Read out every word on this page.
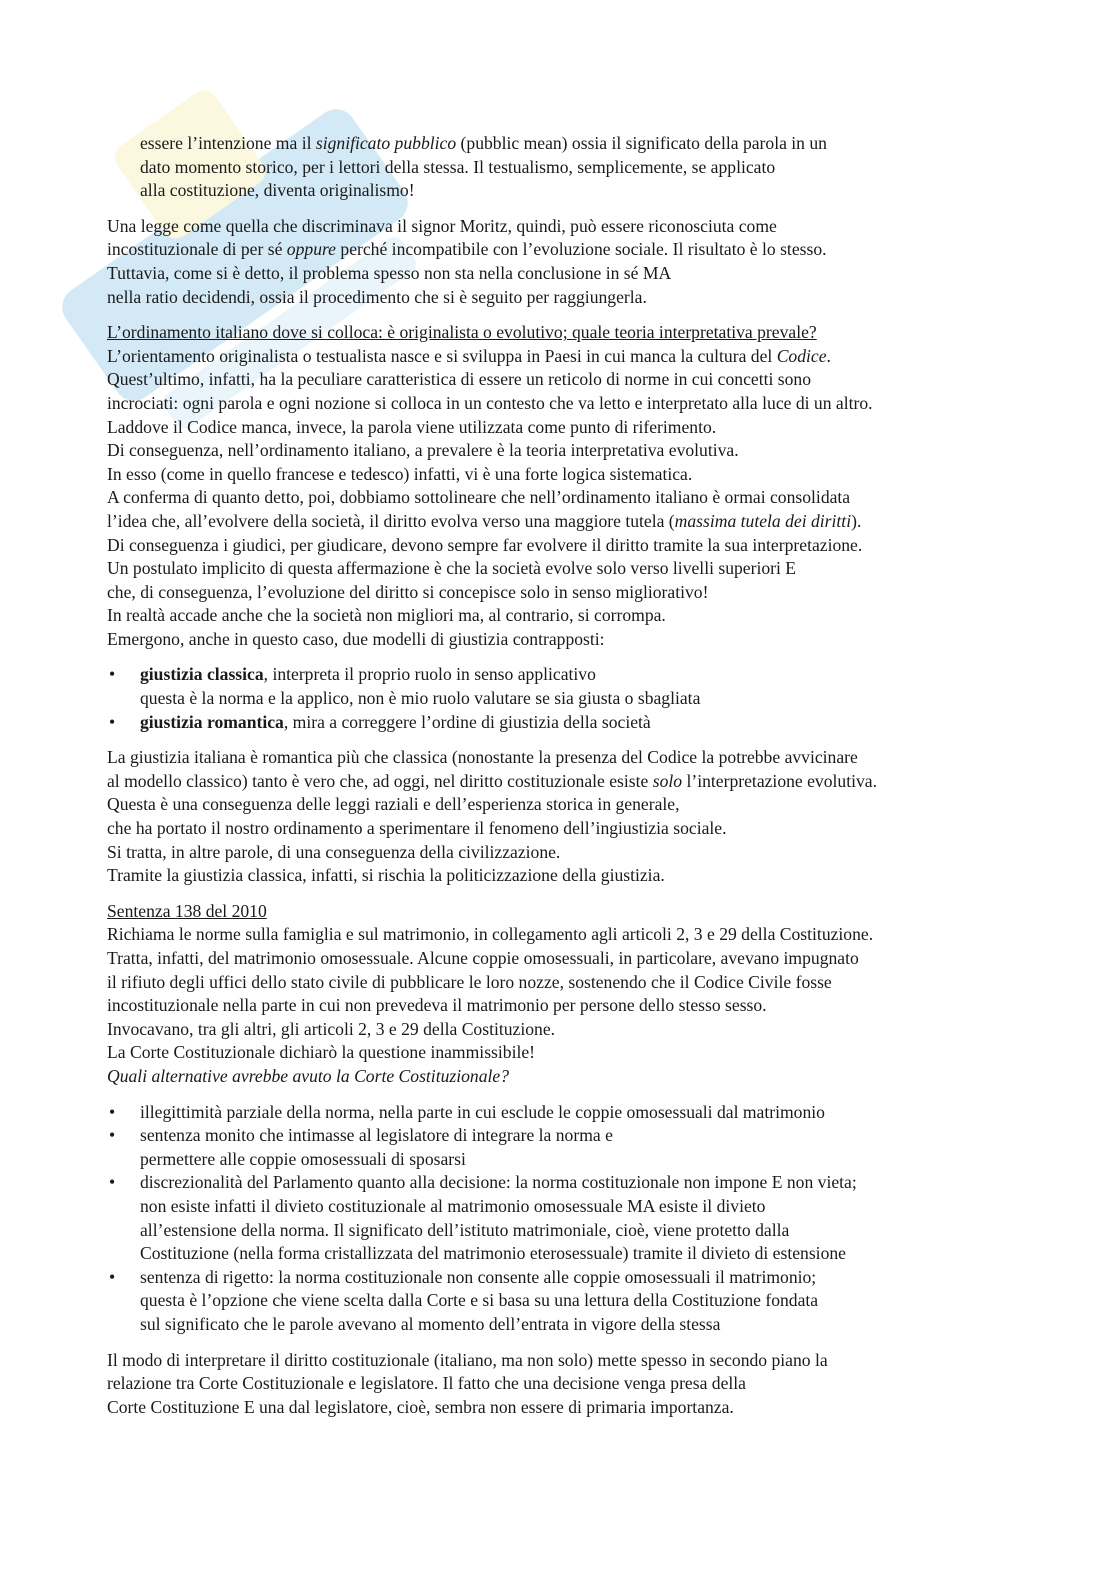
essere l’intenzione ma il significato pubblico (pubblic mean) ossia il significato della parola in un
dato momento storico, per i lettori della stessa. Il testualismo, semplicemente, se applicato
alla costituzione, diventa originalismo!

Una legge come quella che discriminava il signor Moritz, quindi, può essere riconosciuta come
incostituzionale di per sé oppure perché incompatibile con l’evoluzione sociale. Il risultato è lo stesso.
Tuttavia, come si è detto, il problema spesso non sta nella conclusione in sé MA
nella ratio decidendi, ossia il procedimento che si è seguito per raggiungerla.

L’ordinamento italiano dove si colloca: è originalista o evolutivo; quale teoria interpretativa prevale?
L’orientamento originalista o testualista nasce e si sviluppa in Paesi in cui manca la cultura del Codice.
Quest’ultimo, infatti, ha la peculiare caratteristica di essere un reticolo di norme in cui concetti sono
incrociati: ogni parola e ogni nozione si colloca in un contesto che va letto e interpretato alla luce di un altro.
Laddove il Codice manca, invece, la parola viene utilizzata come punto di riferimento.
Di conseguenza, nell’ordinamento italiano, a prevalere è la teoria interpretativa evolutiva.
In esso (come in quello francese e tedesco) infatti, vi è una forte logica sistematica.
A conferma di quanto detto, poi, dobbiamo sottolineare che nell’ordinamento italiano è ormai consolidata
l’idea che, all’evolvere della società, il diritto evolva verso una maggiore tutela (massima tutela dei diritti).
Di conseguenza i giudici, per giudicare, devono sempre far evolvere il diritto tramite la sua interpretazione.
Un postulato implicito di questa affermazione è che la società evolve solo verso livelli superiori E
che, di conseguenza, l’evoluzione del diritto si concepisce solo in senso migliorativo!
In realtà accade anche che la società non migliori ma, al contrario, si corrompa.
Emergono, anche in questo caso, due modelli di giustizia contrapposti:

• giustizia classica, interpreta il proprio ruolo in senso applicativo
questa è la norma e la applico, non è mio ruolo valutare se sia giusta o sbagliata
• giustizia romantica, mira a correggere l’ordine di giustizia della società

La giustizia italiana è romantica più che classica (nonostante la presenza del Codice la potrebbe avvicinare
al modello classico) tanto è vero che, ad oggi, nel diritto costituzionale esiste solo l’interpretazione evolutiva.
Questa è una conseguenza delle leggi raziali e dell’esperienza storica in generale,
che ha portato il nostro ordinamento a sperimentare il fenomeno dell’ingiustizia sociale.
Si tratta, in altre parole, di una conseguenza della civilizzazione.
Tramite la giustizia classica, infatti, si rischia la politicizzazione della giustizia.

Sentenza 138 del 2010
Richiama le norme sulla famiglia e sul matrimonio, in collegamento agli articoli 2, 3 e 29 della Costituzione.
Tratta, infatti, del matrimonio omosessuale. Alcune coppie omosessuali, in particolare, avevano impugnato
il rifiuto degli uffici dello stato civile di pubblicare le loro nozze, sostenendo che il Codice Civile fosse
incostituzionale nella parte in cui non prevedeva il matrimonio per persone dello stesso sesso.
Invocavano, tra gli altri, gli articoli 2, 3 e 29 della Costituzione.
La Corte Costituzionale dichiarò la questione inammissibile!
Quali alternative avrebbe avuto la Corte Costituzionale?

• illegittimità parziale della norma, nella parte in cui esclude le coppie omosessuali dal matrimonio
• sentenza monito che intimasse al legislatore di integrare la norma e
permettere alle coppie omosessuali di sposarsi
• discrezionalità del Parlamento quanto alla decisione: la norma costituzionale non impone E non vieta;
non esiste infatti il divieto costituzionale al matrimonio omosessuale MA esiste il divieto
all’estensione della norma. Il significato dell’istituto matrimoniale, cioè, viene protetto dalla
Costituzione (nella forma cristallizzata del matrimonio eterosessuale) tramite il divieto di estensione
• sentenza di rigetto: la norma costituzionale non consente alle coppie omosessuali il matrimonio;
questa è l’opzione che viene scelta dalla Corte e si basa su una lettura della Costituzione fondata
sul significato che le parole avevano al momento dell’entrata in vigore della stessa

Il modo di interpretare il diritto costituzionale (italiano, ma non solo) mette spesso in secondo piano la
relazione tra Corte Costituzionale e legislatore. Il fatto che una decisione venga presa della
Corte Costituzione E una dal legislatore, cioè, sembra non essere di primaria importanza.
